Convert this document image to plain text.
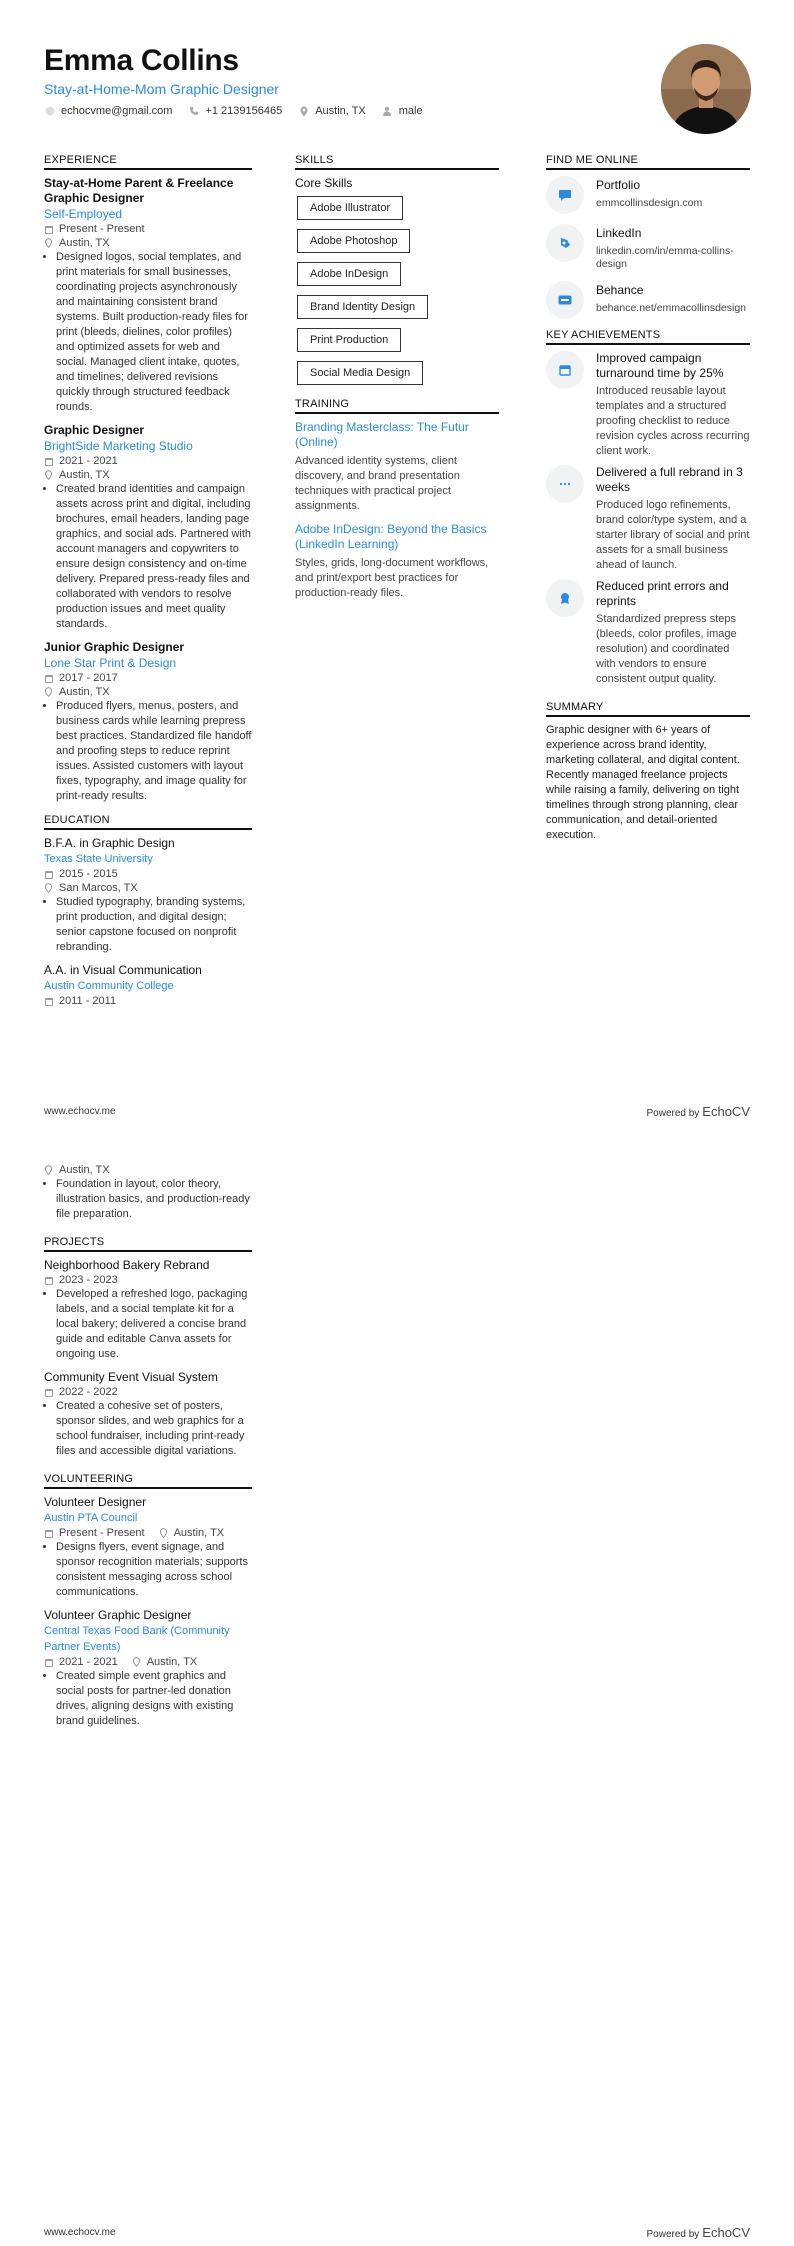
Emma Collins
Stay-at-Home-Mom Graphic Designer
echocvme@gmail.com	+1 2139156465	Austin, TX	male
EXPERIENCE
Stay-at-Home Parent & Freelance Graphic Designer
Self-Employed
Present - Present
Austin, TX
• Designed logos, social templates, and print materials for small businesses, coordinating projects asynchronously and maintaining consistent brand systems. Built production-ready files for print (bleeds, dielines, color profiles) and optimized assets for web and social. Managed client intake, quotes, and timelines; delivered revisions quickly through structured feedback rounds.
Graphic Designer
BrightSide Marketing Studio
2021 - 2021
Austin, TX
• Created brand identities and campaign assets across print and digital, including brochures, email headers, landing page graphics, and social ads. Partnered with account managers and copywriters to ensure design consistency and on-time delivery. Prepared press-ready files and collaborated with vendors to resolve production issues and meet quality standards.
Junior Graphic Designer
Lone Star Print & Design
2017 - 2017
Austin, TX
• Produced flyers, menus, posters, and business cards while learning prepress best practices. Standardized file handoff and proofing steps to reduce reprint issues. Assisted customers with layout fixes, typography, and image quality for print-ready results.
EDUCATION
B.F.A. in Graphic Design
Texas State University
2015 - 2015
San Marcos, TX
• Studied typography, branding systems, print production, and digital design; senior capstone focused on nonprofit rebranding.
A.A. in Visual Communication
Austin Community College
2011 - 2011
SKILLS
Core Skills
Adobe Illustrator
Adobe Photoshop
Adobe InDesign
Brand Identity Design
Print Production
Social Media Design
TRAINING
Branding Masterclass: The Futur (Online)
Advanced identity systems, client discovery, and brand presentation techniques with practical project assignments.
Adobe InDesign: Beyond the Basics (LinkedIn Learning)
Styles, grids, long-document workflows, and print/export best practices for production-ready files.
FIND ME ONLINE
Portfolio
emmcollinsdesign.com
LinkedIn
linkedin.com/in/emma-collins-design
Behance
behance.net/emmacollinsdesign
KEY ACHIEVEMENTS
Improved campaign turnaround time by 25%
Introduced reusable layout templates and a structured proofing checklist to reduce revision cycles across recurring client work.
Delivered a full rebrand in 3 weeks
Produced logo refinements, brand color/type system, and a starter library of social and print assets for a small business ahead of launch.
Reduced print errors and reprints
Standardized prepress steps (bleeds, color profiles, image resolution) and coordinated with vendors to ensure consistent output quality.
SUMMARY
Graphic designer with 6+ years of experience across brand identity, marketing collateral, and digital content. Recently managed freelance projects while raising a family, delivering on tight timelines through strong planning, clear communication, and detail-oriented execution.
www.echocv.me	Powered by EchoCV
Austin, TX
• Foundation in layout, color theory, illustration basics, and production-ready file preparation.
PROJECTS
Neighborhood Bakery Rebrand
2023 - 2023
• Developed a refreshed logo, packaging labels, and a social template kit for a local bakery; delivered a concise brand guide and editable Canva assets for ongoing use.
Community Event Visual System
2022 - 2022
• Created a cohesive set of posters, sponsor slides, and web graphics for a school fundraiser, including print-ready files and accessible digital variations.
VOLUNTEERING
Volunteer Designer
Austin PTA Council
Present - Present	Austin, TX
• Designs flyers, event signage, and sponsor recognition materials; supports consistent messaging across school communications.
Volunteer Graphic Designer
Central Texas Food Bank (Community Partner Events)
2021 - 2021	Austin, TX
• Created simple event graphics and social posts for partner-led donation drives, aligning designs with existing brand guidelines.
www.echocv.me	Powered by EchoCV
